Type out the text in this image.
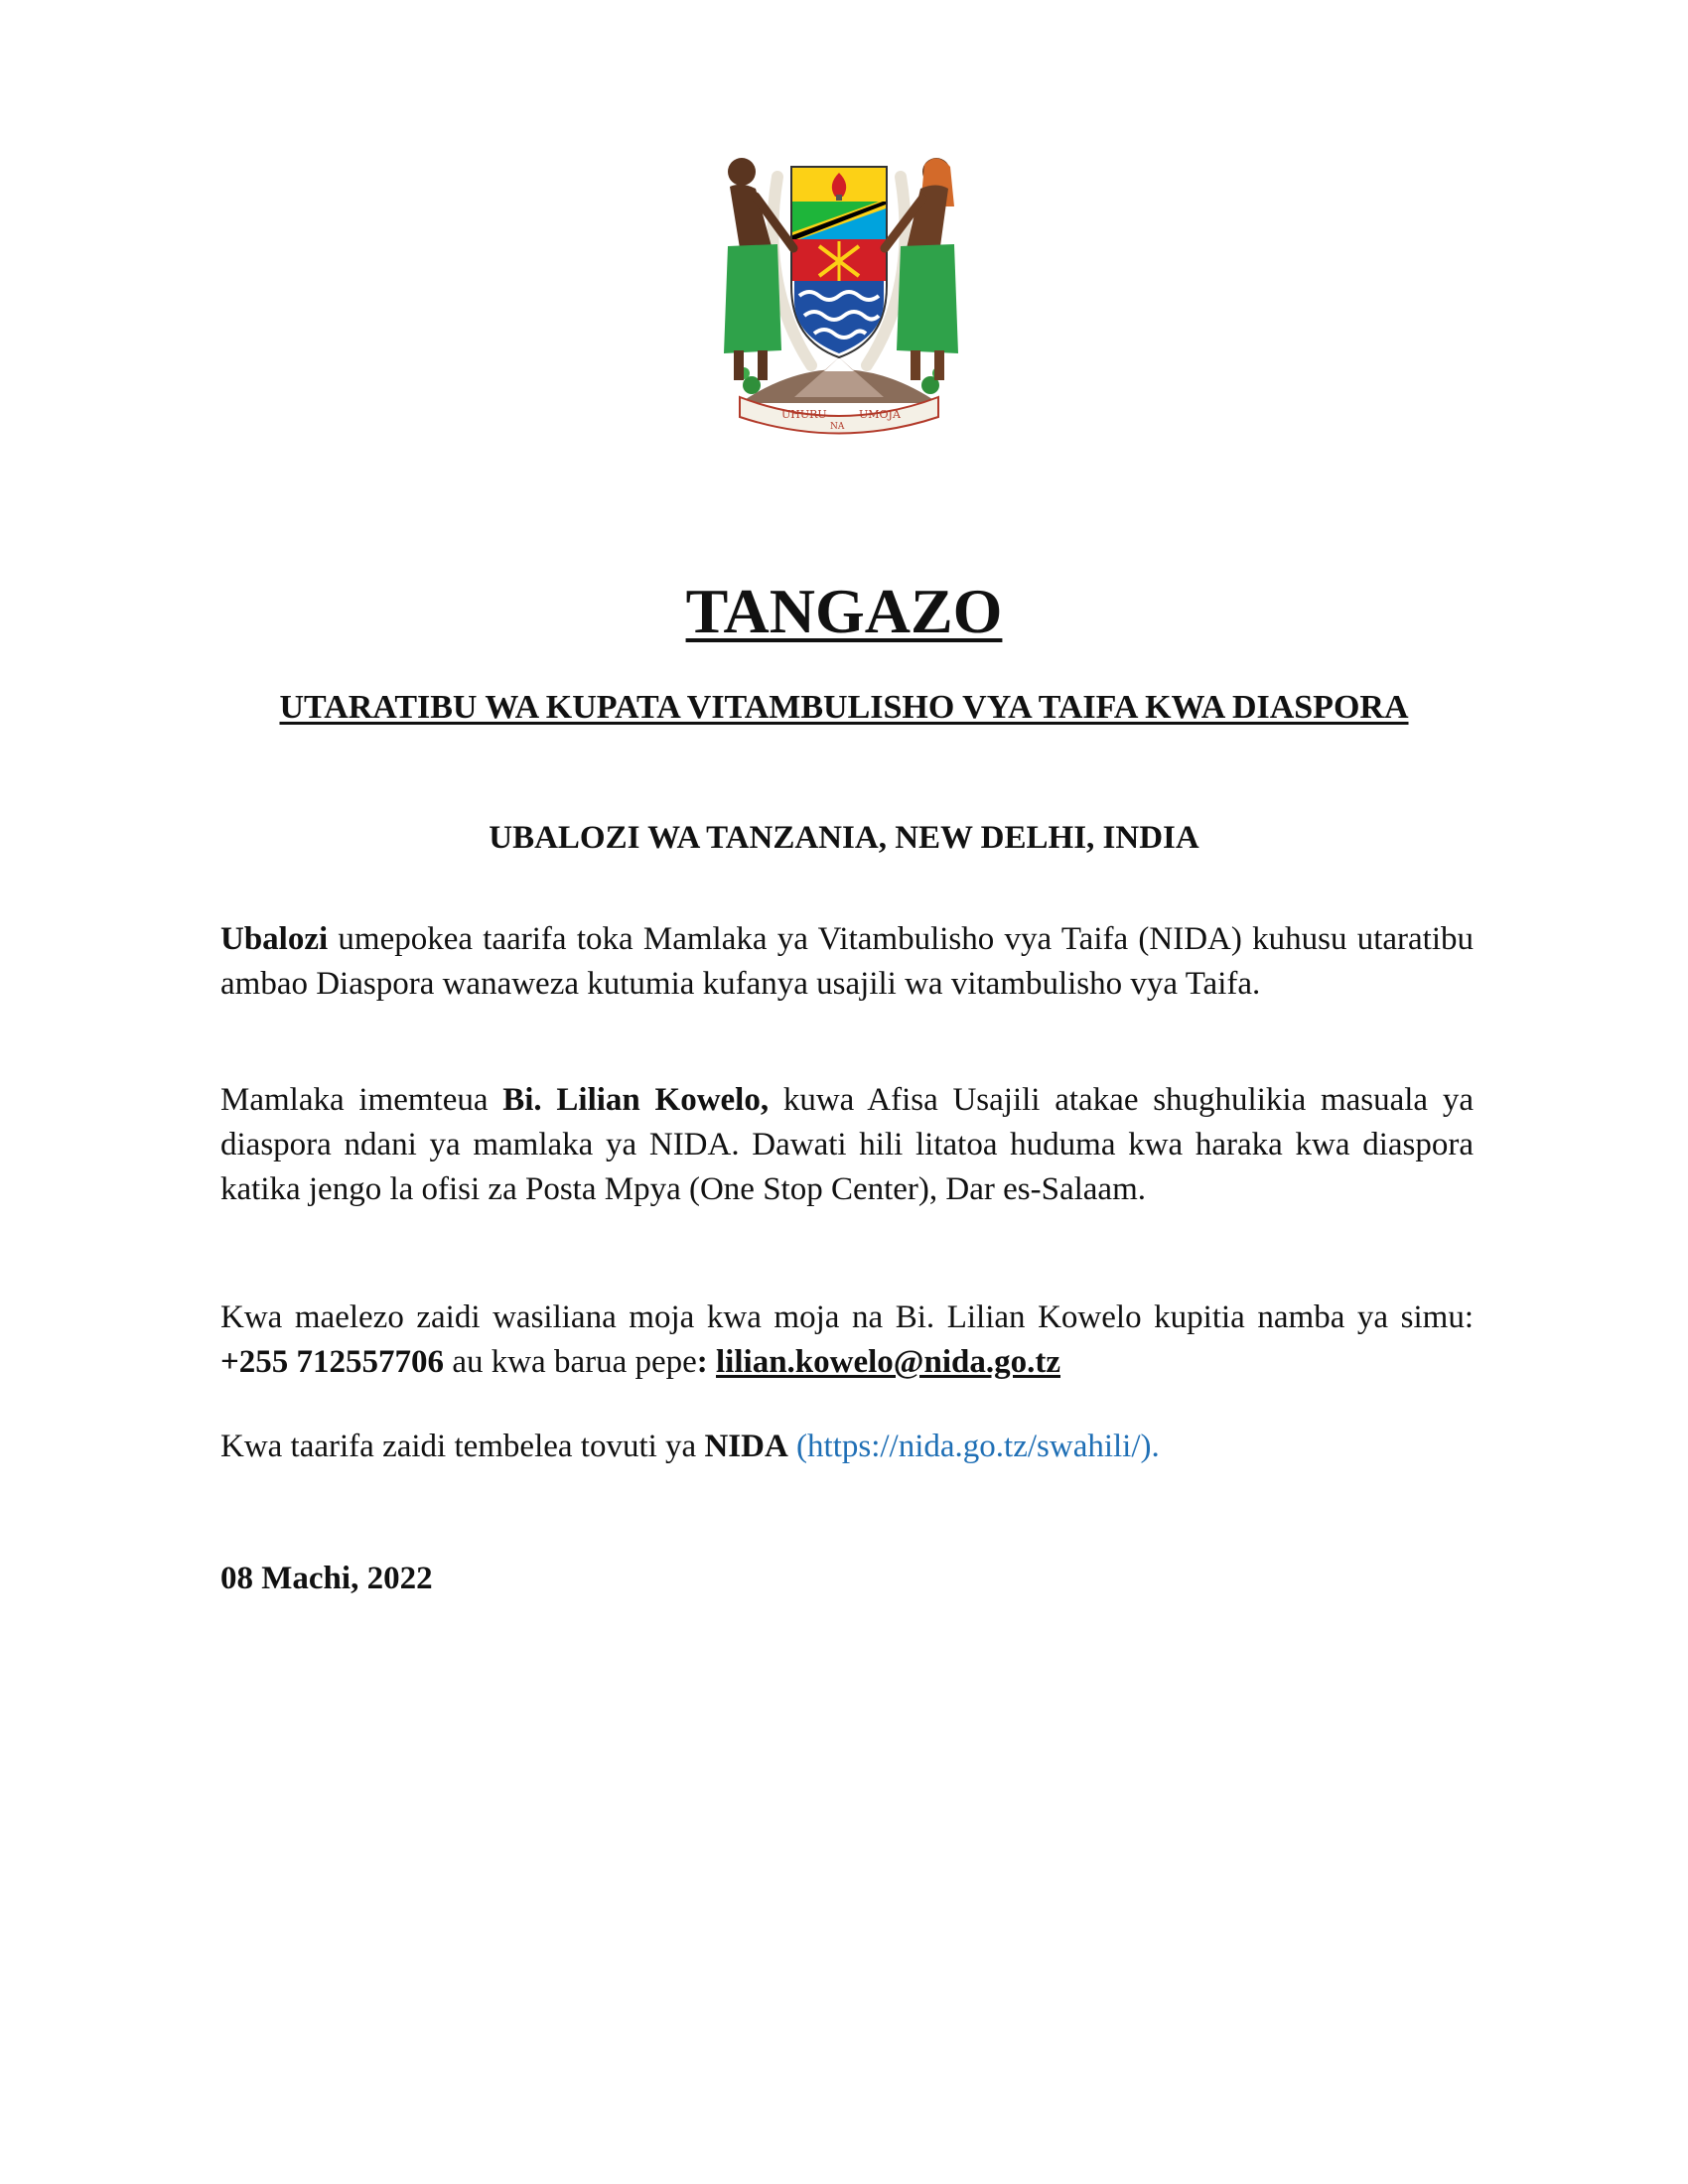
UHURU
NA
UMOJA
TANGAZO
UTARATIBU WA KUPATA VITAMBULISHO VYA TAIFA KWA DIASPORA
UBALOZI WA TANZANIA, NEW DELHI, INDIA

Ubalozi umepokea taarifa toka Mamlaka ya Vitambulisho vya Taifa (NIDA) kuhusu utaratibu ambao Diaspora wanaweza kutumia kufanya usajili wa vitambulisho vya Taifa.

Mamlaka imemteua Bi. Lilian Kowelo, kuwa Afisa Usajili atakae shughulikia masuala ya diaspora ndani ya mamlaka ya NIDA. Dawati hili litatoa huduma kwa haraka kwa diaspora katika jengo la ofisi za Posta Mpya (One Stop Center), Dar es-Salaam.

Kwa maelezo zaidi wasiliana moja kwa moja na Bi. Lilian Kowelo kupitia namba ya simu: +255 712557706 au kwa barua pepe: lilian.kowelo@nida.go.tz

Kwa taarifa zaidi tembelea tovuti ya NIDA (https://nida.go.tz/swahili/).

08 Machi, 2022
